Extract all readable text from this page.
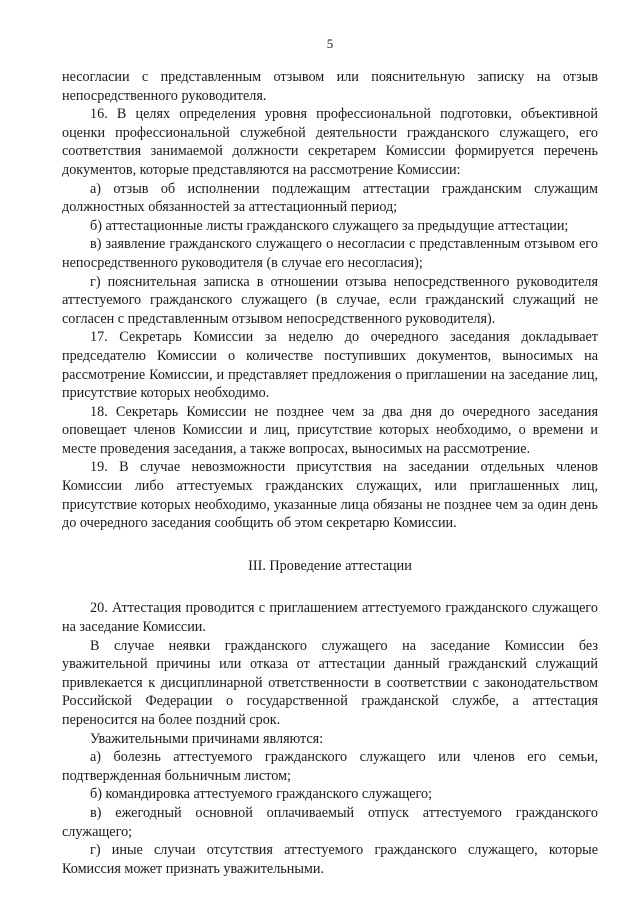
5

несогласии с представленным отзывом или пояснительную записку на отзыв непосредственного руководителя.

16. В целях определения уровня профессиональной подготовки, объективной оценки профессиональной служебной деятельности гражданского служащего, его соответствия занимаемой должности секретарем Комиссии формируется перечень документов, которые представляются на рассмотрение Комиссии:

а) отзыв об исполнении подлежащим аттестации гражданским служащим должностных обязанностей за аттестационный период;

б) аттестационные листы гражданского служащего за предыдущие аттестации;

в) заявление гражданского служащего о несогласии с представленным отзывом его непосредственного руководителя (в случае его несогласия);

г) пояснительная записка в отношении отзыва непосредственного руководителя аттестуемого гражданского служащего (в случае, если гражданский служащий не согласен с представленным отзывом непосредственного руководителя).

17. Секретарь Комиссии за неделю до очередного заседания докладывает председателю Комиссии о количестве поступивших документов, выносимых на рассмотрение Комиссии, и представляет предложения о приглашении на заседание лиц, присутствие которых необходимо.

18. Секретарь Комиссии не позднее чем за два дня до очередного заседания оповещает членов Комиссии и лиц, присутствие которых необходимо, о времени и месте проведения заседания, а также вопросах, выносимых на рассмотрение.

19. В случае невозможности присутствия на заседании отдельных членов Комиссии либо аттестуемых гражданских служащих, или приглашенных лиц, присутствие которых необходимо, указанные лица обязаны не позднее чем за один день до очередного заседания сообщить об этом секретарю Комиссии.

III. Проведение аттестации

20. Аттестация проводится с приглашением аттестуемого гражданского служащего на заседание Комиссии.

В случае неявки гражданского служащего на заседание Комиссии без уважительной причины или отказа от аттестации данный гражданский служащий привлекается к дисциплинарной ответственности в соответствии с законодательством Российской Федерации о государственной гражданской службе, а аттестация переносится на более поздний срок.

Уважительными причинами являются:

а) болезнь аттестуемого гражданского служащего или членов его семьи, подтвержденная больничным листом;

б) командировка аттестуемого гражданского служащего;

в) ежегодный основной оплачиваемый отпуск аттестуемого гражданского служащего;

г) иные случаи отсутствия аттестуемого гражданского служащего, которые Комиссия может признать уважительными.
